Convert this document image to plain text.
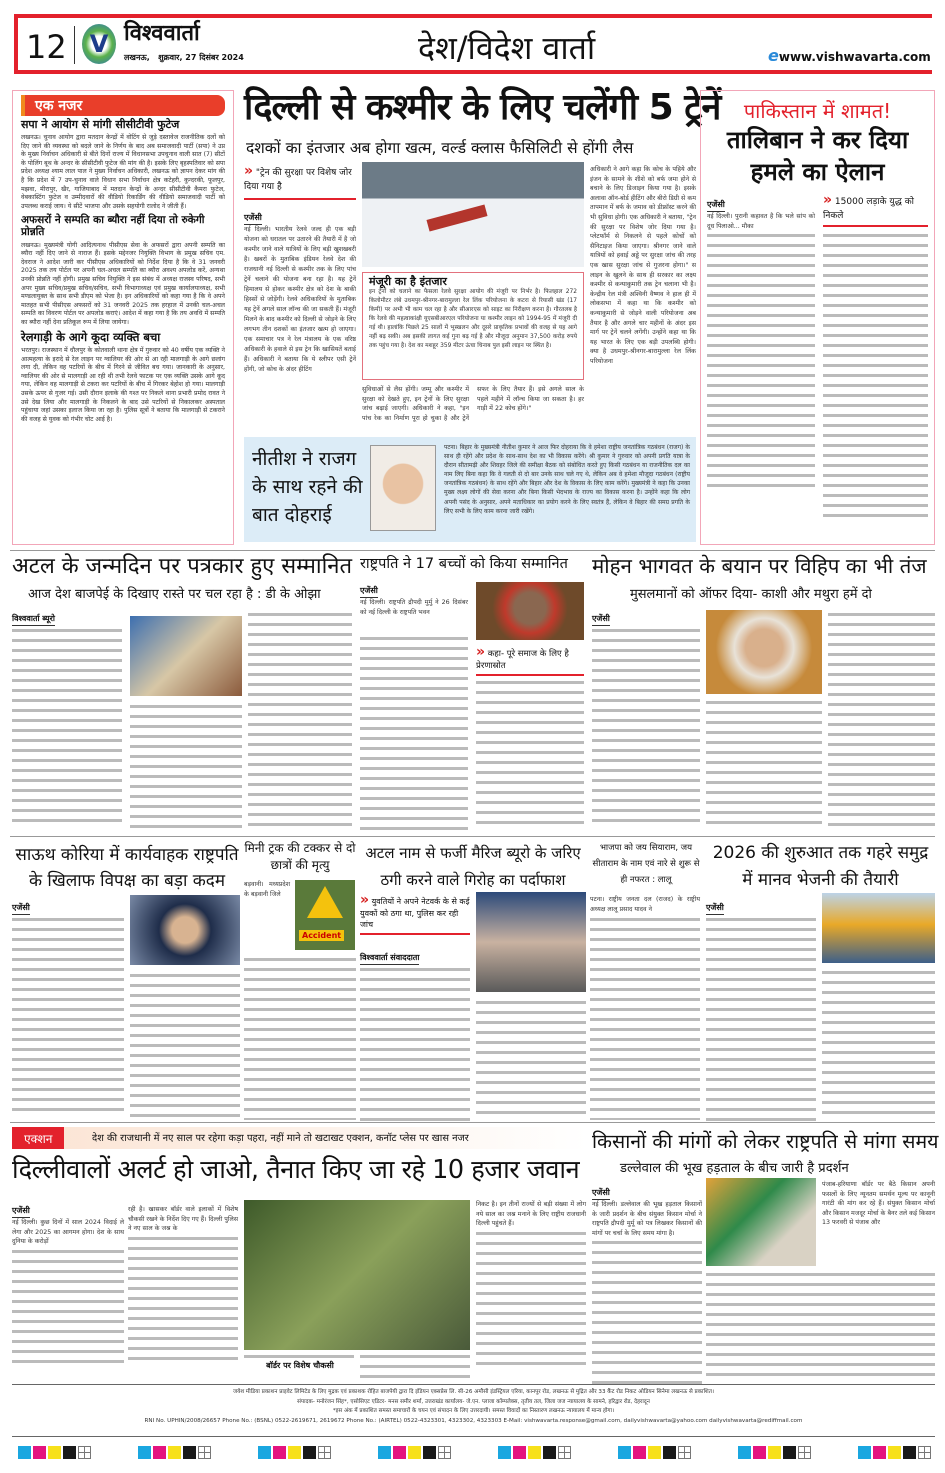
12 V विश्ववार्ता
लखनऊ,   शुक्रवार, 27 दिसंबर 2024	देश/विदेश वार्ता	ewww.vishwavarta.com
एक नजर
सपा ने आयोग से मांगी सीसीटीवी फुटेज
लखनऊ। चुनाव आयोग द्वारा मतदान केन्द्रों में वोटिंग से जुड़े दस्तावेज राजनीतिक दलों को दिए जाने की व्यवस्था को बदले जाने के निर्णय के बाद अब समाजवादी पार्टी (सपा) ने उप्र के मुख्य निर्वाचन अधिकारी से बीते दिनों राज्य में विधानसभा उपचुनाव वाली सात (7) सीटों के पोलिंग बूथ के अन्दर के सीसीटीवी फुटेज की मांग की है। इसके लिए बृहस्पतिवार को सपा प्रदेश अध्यक्ष श्याम लाल पाल ने मुख्य निर्वाचन अधिकारी, लखनऊ को ज्ञापन देकर मांग की है कि प्रदेश में 7 उप-चुनाव वाले विधान सभा निर्वाचन क्षेत्र कटेहरी, कुन्दरकी, फूलपुर, मझवा, मीरापुर, खैर, गाजियाबाद में मतदान केन्द्रों के अन्दर सीसीटीवी कैमरा फुटेज, वेबकास्टिंग फुटेज व उम्मीदवारों की वीडियो रिकार्डिंग की वीडियो समाजवादी पार्टी को उपलब्ध कराई जाय। ये सीटें भाजपा और उसके सहयोगी रालोद ने जीती हैं।
अफसरों ने सम्पति का ब्यौरा नहीं दिया तो रुकेगी प्रोन्नति
लखनऊ। मुख्यमंत्री योगी आदित्यनाथ पीसीएस सेवा के अफसरों द्वारा अपनी सम्पति का ब्यौरा नहीं दिए जाने से नाराज हैं। इसके मद्देनजर नियुक्ति विभाग के प्रमुख सचिव एम. देवराज ने आदेश जारी कर पीसीएस अधिकारियों को निर्देश दिया है कि वे 31 जनवरी 2025 तक तय पोर्टल पर अपनी चल-अचल सम्पति का ब्यौरा अवश्य अपलोड करें, अन्यथा उनकी प्रोन्नति नहीं होगी। प्रमुख सचिव नियुक्ति ने इस संबंध में अध्यक्ष राजस्व परिषद, सभी अपर मुख्य सचिव/प्रमुख सचिव/सचिव, सभी विभागाध्यक्ष एवं प्रमुख कार्यालयाध्यक्ष, सभी मण्डलायुक्त के साथ सभी डीएम को भेजा है। इन अधिकारियों को कहा गया है कि वे अपने मातहत सभी पीसीएस अफसरों को 31 जनवरी 2025 तक हरहाल में उनकी चल-अचल सम्पति का विवरण पोर्टल पर अपलोड कराएं। आदेश में कहा गया है कि तय अवधि में सम्पति का ब्यौरा नहीं देना प्रतिकूल रूप में लिया जायेगा।
रेलगाड़ी के आगे कूदा व्यक्ति बचा
भरतपुर। राजस्थान में धौलपुर के कोतवाली थाना क्षेत्र में गुरुवार को 40 वर्षीय एक व्यक्ति ने आत्महत्या के इरादे से रेल लाइन पर ग्वालियर की ओर से आ रही मालगाड़ी के आगे छलांग लगा दी, लेकिन वह पटरियों के बीच में गिरने से जीवित बच गया। जानकारी के अनुसार, ग्वालियर की ओर से मालगाड़ी आ रही थी तभी रेलवे फाटक पर एक व्यक्ति उसके आगे कूद गया, लेकिन वह मालगाड़ी से टकरा कर पटरियों के बीच में गिरकर बेहोश हो गया। मालगाड़ी उसके ऊपर से गुजर गई। उसी दौरान इलाके की गश्त पर निकले थाना प्रभारी प्रमोद रावत ने उसे देख लिया और मालगाड़ी के निकलने के बाद उसे पटरियों से निकालकर अस्पताल पहुंचाया जहां उसका इलाज किया जा रहा है। पुलिस सूत्रों ने बताया कि मालगाड़ी से टकराने की वजह से युवक को गंभीर चोट आई है।
दिल्ली से कश्मीर के लिए चलेंगी 5 ट्रेनें
दशकों का इंतजार अब होगा खत्म, वर्ल्ड क्लास फैसिलिटी से होंगी लैस
» "ट्रेन की सुरक्षा पर विशेष जोर दिया गया है
एजेंसी
नई दिल्ली। भारतीय रेलवे जल्द ही एक बड़ी योजना को धरातल पर उतारने की तैयारी में है जो कश्मीर जाने वाले यात्रियों के लिए बड़ी खुशखबरी है। खबरों के मुताबिक इंडियन रेलवे देश की राजधानी नई दिल्ली से कश्मीर तक के लिए पांच ट्रेनें चलाने की योजना बना रहा है। यह ट्रेनें हिमालय से होकर कश्मीर क्षेत्र को देश के बाकी हिस्सों से जोड़ेंगी। रेलवे अधिकारियों के मुताबिक यह ट्रेनें अगले साल लॉन्च की जा सकती हैं। मंजूरी मिलने के बाद कश्मीर को दिल्ली से जोड़ने के लिए लगभग तीन दशकों का इंतजार खत्म हो जाएगा। एक समाचार पत्र ने रेल मंत्रालय के एक वरिष्ठ अधिकारी के हवाले से इस ट्रेन कि खासियतें बताई हैं। अधिकारी ने बताया कि ये स्लीपर एसी ट्रेनें होंगी, जो कोच के अंदर हीटिंग
मंजूरी का है इंतजार
इन ट्रेनों को चलाने का फैसला रेलवे सुरक्षा आयोग की मंजूरी पर निर्भर है। फिलहाल 272 किलोमीटर लंबे उधमपुर-श्रीनगर-बारामुल्ला रेल लिंक परियोजना के कटरा से रियासी खंड (17 किमी) पर अभी भी काम चल रहा है और सीआरएस को साइट का निरीक्षण करना है। गौरतलब है कि रेलवे की महत्वाकांक्षी यूएसबीआरएल परियोजना या कश्मीर लाइन को 1994-95 में मंजूरी दी गई थी। हालांकि पिछले 25 सालों में भूस्खलन और दूसरे प्राकृतिक प्रभावों की वजह से यह आगे नहीं बढ़ सकी। अब इसकी लागत कई गुना बढ़ गई है और मौजूदा अनुमान 37,500 करोड़ रुपये तक पहुंच गया है। देश का मशहूर 359 मीटर ऊंचा चिनाब पुल इसी लाइन पर स्थित है।
सुविधाओं से लैस होंगी। जम्मू और कश्मीर में सुरक्षा को देखते हुए, इन ट्रेनों के लिए सुरक्षा जांच बढ़ाई जाएगी। अधिकारी ने कहा, "इन पांच रेक का निर्माण पूरा हो चुका है और ट्रेनें सफर के लिए तैयार हैं। इसे अगले साल के पहले महीने में लॉन्च किया जा सकता है। हर गाड़ी में 22 कोच होंगे।"
अधिकारी ने आगे कहा कि कोच के पहिये और इंजन के सामने के शीशे को बर्फ जमा होने से बचाने के लिए डिजाइन किया गया है। इसके अलावा ऑन-बोर्ड हीटिंग और बीरो डिग्री से कम तापमान में बर्फ के जमाव को डीफ्रॉस्ट करने की भी सुविधा होगी। एक अधिकारी ने बताया, "ट्रेन की सुरक्षा पर विशेष जोर दिया गया है। प्लेटफॉर्म से निकलने से पहले कोचों को सैनिटाइज किया जाएगा। श्रीनगर जाने वाले यात्रियों को हवाई अड्डे पर सुरक्षा जांच की तरह एक खास सुरक्षा जांच से गुजरना होगा।" स लाइन के खुलने के साथ ही सरकार का लक्ष्य कश्मीर से कन्याकुमारी तक ट्रेन चलाना भी है। केन्द्रीय रेल मंत्री अश्विनी वैष्णव ने हाल ही में लोकसभा में कहा था कि कश्मीर को कन्याकुमारी से जोड़ने वाली परियोजना अब तैयार है और अगले चार महीनों के अंदर इस मार्ग पर ट्रेनें चलने लगेंगी। उन्होंने कहा था कि यह भारत के लिए एक बड़ी उपलब्धि होगी। क्या है उधमपुर-श्रीनगर-बारामुल्ला रेल लिंक परियोजना
नीतीश ने राजग के साथ रहने की बात दोहराई
पटना। बिहार के मुख्यमंत्री नीतीश कुमार ने आज फिर दोहराया कि वे हमेशा राष्ट्रीय जनतांत्रिक गठबंधन (राजग) के साथ ही रहेंगे और प्रदेश के साथ-साथ देश का भी विकास करेंगे। श्री कुमार ने गुरुवार को अपनी प्रगति यात्रा के दौरान सीतामढ़ी और शिवहर जिले की समीक्षा बैठक को संबोधित करते हुए किसी गठबंधन या राजनीतिक दल का नाम लिए बिना कहा कि वे गलती से दो बार उनके साथ चले गए थे, लेकिन अब वे हमेशा मौजूदा गठबंधन (राष्ट्रीय जनतांत्रिक गठबंधन) के साथ रहेंगे और बिहार और देश के विकास के लिए काम करेंगे। मुख्यमंत्री ने कहा कि उनका मुख्य लक्ष्य लोगों की सेवा करना और बिना किसी भेदभाव के राज्य का विकास करना है। उन्होंने कहा कि लोग अपनी पसंद के अनुसार, अपने मताधिकार का प्रयोग करने के लिए स्वतंत्र हैं, लेकिन वे बिहार की समग्र प्रगति के लिए सभी के लिए काम करना जारी रखेंगे।
पाकिस्तान में शामत!
तालिबान ने कर दिया हमले का ऐलान
एजेंसी
नई दिल्ली। पुरानी कहावत है कि भले सांप को दूध पिलाओ... मौका
» 15000 लड़ाके युद्ध को निकले
अटल के जन्मदिन पर पत्रकार हुए सम्मानित
आज देश बाजपेई के दिखाए रास्ते पर चल रहा है : डी के ओझा
विश्ववार्ता ब्यूरो
राष्ट्रपति ने 17 बच्चों को किया सम्मानित
एजेंसी
नई दिल्ली। राष्ट्रपति द्रौपदी मुर्मु ने 26 दिसंबर को नई दिल्ली के राष्ट्रपति भवन
» कहा- पूरे समाज के लिए है प्रेरणास्रोत
मोहन भागवत के बयान पर विहिप का भी तंज
मुसलमानों को ऑफर दिया- काशी और मथुरा हमें दो
एजेंसी
साऊथ कोरिया में कार्यवाहक राष्ट्रपति के खिलाफ विपक्ष का बड़ा कदम
एजेंसी
मिनी ट्रक की टक्कर से दो छात्रों की मृत्यु
बड़वानी। मध्यप्रदेश के बड़वानी जिले
Accident
अटल नाम से फर्जी मैरिज ब्यूरो के जरिए ठगी करने वाले गिरोह का पर्दाफाश
» युवतियों ने अपने नेटवर्क के से कई युवकों को ठगा था, पुलिस कर रही जांच
विश्ववार्ता संवाददाता
भाजपा को जय सियाराम, जय सीताराम के नाम एवं नारे से शुरू से ही नफरत : लालू
पटना। राष्ट्रीय जनता दल (राजद) के राष्ट्रीय अध्यक्ष लालू प्रसाद यादव ने
2026 की शुरुआत तक गहरे समुद्र में मानव भेजनी की तैयारी
एजेंसी
एक्शन	देश की राजधानी में नए साल पर रहेगा कड़ा पहरा, नहीं माने तो खटाखट एक्शन, कनॉट प्लेस पर खास नजर
दिल्लीवालों अलर्ट हो जाओ, तैनात किए जा रहे 10 हजार जवान
एजेंसी
नई दिल्ली। कुछ दिनों में साल 2024 विदाई ले लेगा और 2025 का आगमन होगा। देश के साथ दुनिया के करोड़ों
रही है। खासकर बॉर्डर वाले इलाकों में विशेष चौकसी रखने के निर्देश दिए गए हैं। दिल्ली पुलिस ने नए साल के जश्न के
बॉर्डर पर विशेष चौकसी
निकट है। इन तीनों राज्यों से बड़ी संख्या में लोग नये साल का जश्न मनाने के लिए राष्ट्रीय राजधानी दिल्ली पहुंचते हैं।
किसानों की मांगों को लेकर राष्ट्रपति से मांगा समय
डल्लेवाल की भूख हड़ताल के बीच जारी है प्रदर्शन
एजेंसी
नई दिल्ली। डल्लेवाल की भूख हड़ताल किसानों के जारी प्रदर्शन के बीच संयुक्त किसान मोर्चा ने राष्ट्रपति द्रौपदी मुर्मू को पत्र लिखकर किसानों की मांगों पर चर्चा के लिए समय मांगा है।
पंजाब-हरियाणा बॉर्डर पर बैठे किसान अपनी फसलों के लिए न्यूनतम समर्थन मूल्य पर कानूनी गारंटी की मांग कर रहे हैं। संयुक्त किसान मोर्चा और किसान मजदूर मोर्चा के बैनर तले कई किसान 13 फरवरी से पंजाब और
जयेश मीडिया प्रकाशन प्राइवेट लिमिटेड के लिए मुद्रक एवं प्रकाशक रोहित बाजपेयी द्वारा दि इंडियन एक्सप्रेस लि. सी-26 अमौसी इंडस्ट्रियल एरिया, कानपुर रोड, लखनऊ से मुद्रित और 33 कैंट रोड निकट ओडियन सिनेमा लखनऊ से प्रकाशित।
संपादक- मनोरंजन सिंह*, एसोसिएट एडिटर- मनस समीर शर्मा, उत्तराखंड कार्यालय- जे.एन. प्लाजा कॉम्पलेक्स, तृतीय तल, जिला जज न्यायालय के सामने, हरिद्वार रोड, देहरादून
*इस अंक में प्रकाशित समस्त समाचारों के चयन एवं संपादन के लिए उत्तरदायी। समस्त विवादों का निस्तारण लखनऊ न्यायालय में मान्य होगा।
RNI No. UPHIN/2008/26657 Phone No.: (BSNL) 0522-2619671, 2619672 Phone No.: (AIRTEL) 0522-4323301, 4323302, 4323303 E-Mail: vishwavarta.response@gmail.com, dailyvishwavarta@yahoo.com dailyvishwavarta@rediffmail.com
